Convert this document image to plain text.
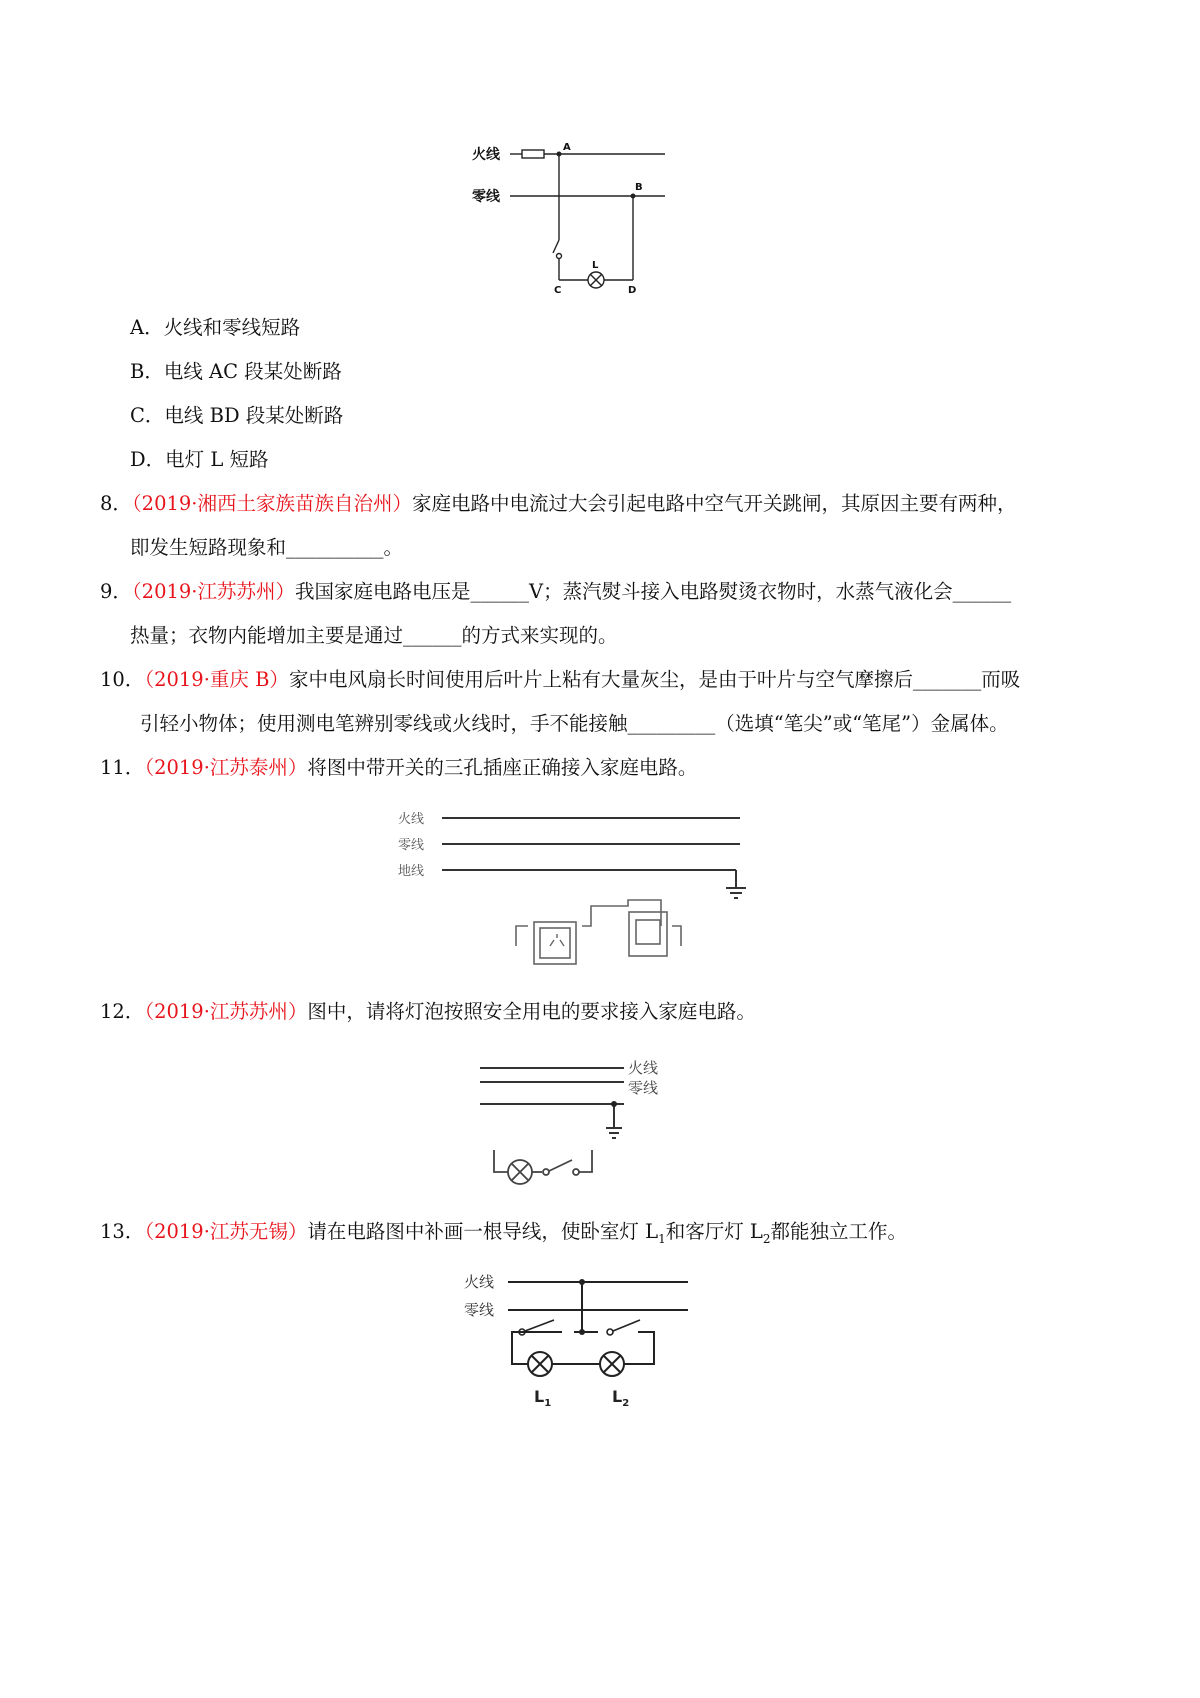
火线
零线
A
B
C	D
L
A．火线和零线短路
B．电线 AC 段某处断路
C．电线 BD 段某处断路
D．电灯 L 短路
8．（2019·湘西土家族苗族自治州）家庭电路中电流过大会引起电路中空气开关跳闸，其原因主要有两种，
即发生短路现象和__________。
9．（2019·江苏苏州）我国家庭电路电压是______V；蒸汽熨斗接入电路熨烫衣物时，水蒸气液化会______
热量；衣物内能增加主要是通过______的方式来实现的。
10．（2019·重庆 B）家中电风扇长时间使用后叶片上粘有大量灰尘，是由于叶片与空气摩擦后_______而吸
引轻小物体；使用测电笔辨别零线或火线时，手不能接触_________（选填“笔尖”或“笔尾”）金属体。
11．（2019·江苏泰州）将图中带开关的三孔插座正确接入家庭电路。
火线
零线
地线
12．（2019·江苏苏州）图中，请将灯泡按照安全用电的要求接入家庭电路。
火线
零线
13．（2019·江苏无锡）请在电路图中补画一根导线，使卧室灯 $L_1$和客厅灯 $L_2$都能独立工作。
火线
零线
$L_1$	$L_2$
